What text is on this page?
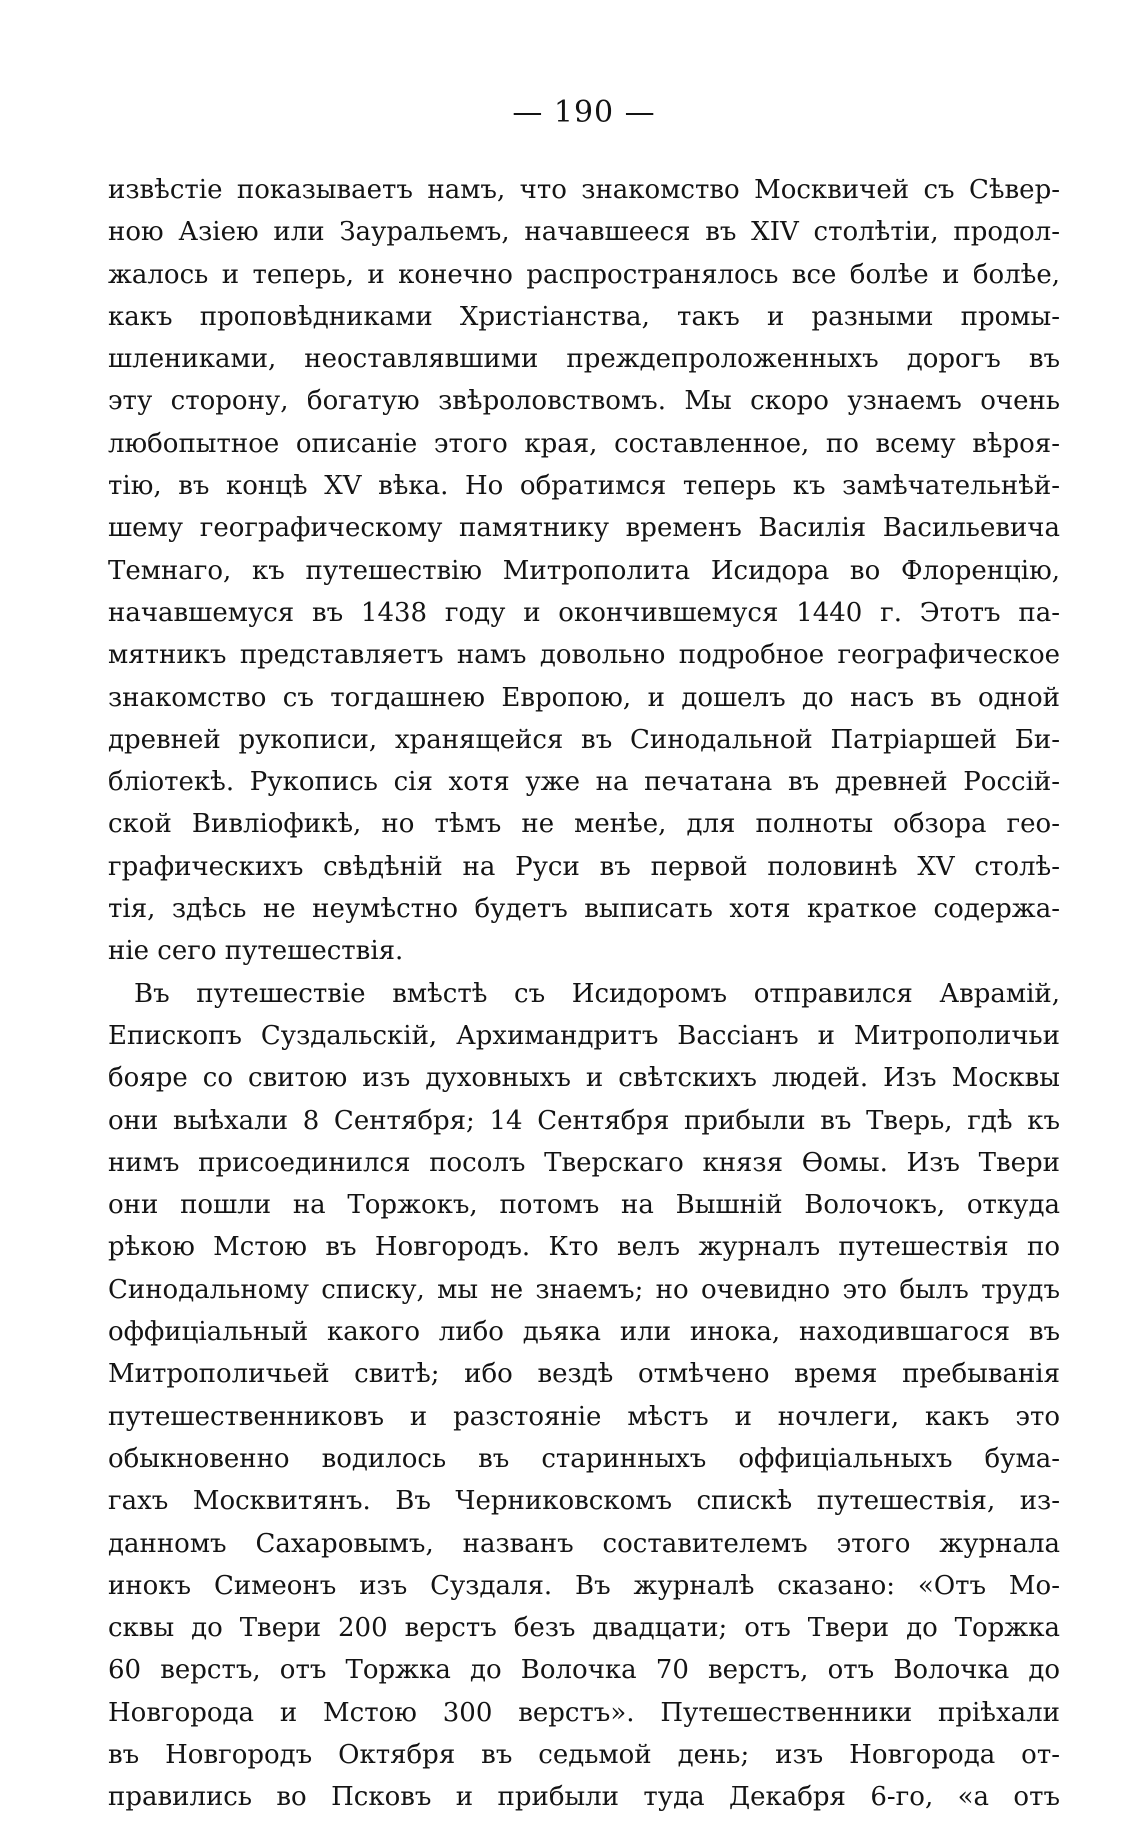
— 190 —
извѣстіе показываетъ намъ, что знакомство Москвичей съ Сѣвер-
ною Азіею или Зауральемъ, начавшееся въ XIV столѣтіи, продол-
жалось и теперь, и конечно распространялось все болѣе и болѣе,
какъ проповѣдниками Христіанства, такъ и разными промы-
шлениками, неоставлявшими преждепроложенныхъ дорогъ въ
эту сторону, богатую звѣроловствомъ. Мы скоро узнаемъ очень
любопытное описаніе этого края, составленное, по всему вѣроя-
тію, въ концѣ XV вѣка. Но обратимся теперь къ замѣчательнѣй-
шему географическому памятнику временъ Василія Васильевича
Темнаго, къ путешествію Митрополита Исидора во Флоренцію,
начавшемуся въ 1438 году и окончившемуся 1440 г. Этотъ па-
мятникъ представляетъ намъ довольно подробное географическое
знакомство съ тогдашнею Европою, и дошелъ до насъ въ одной
древней рукописи, хранящейся въ Синодальной Патріаршей Би-
бліотекѣ. Рукопись сія хотя уже на печатана въ древней Россій-
ской Вивліофикѣ, но тѣмъ не менѣе, для полноты обзора гео-
графическихъ свѣдѣній на Руси въ первой половинѣ XV столѣ-
тія, здѣсь не неумѣстно будетъ выписать хотя краткое содержа-
ніе сего путешествія.
Въ путешествіе вмѣстѣ съ Исидоромъ отправился Аврамій,
Епископъ Суздальскій, Архимандритъ Вассіанъ и Митрополичьи
бояре со свитою изъ духовныхъ и свѣтскихъ людей. Изъ Москвы
они выѣхали 8 Сентября; 14 Сентября прибыли въ Тверь, гдѣ къ
нимъ присоединился посолъ Тверскаго князя Ѳомы. Изъ Твери
они пошли на Торжокъ, потомъ на Вышній Волочокъ, откуда
рѣкою Мстою въ Новгородъ. Кто велъ журналъ путешествія по
Синодальному списку, мы не знаемъ; но очевидно это былъ трудъ
оффиціальный какого либо дьяка или инока, находившагося въ
Митрополичьей свитѣ; ибо вездѣ отмѣчено время пребыванія
путешественниковъ и разстояніе мѣстъ и ночлеги, какъ это
обыкновенно водилось въ старинныхъ оффиціальныхъ бума-
гахъ Москвитянъ. Въ Черниковскомъ спискѣ путешествія, из-
данномъ Сахаровымъ, названъ составителемъ этого журнала
инокъ Симеонъ изъ Суздаля. Въ журналѣ сказано: «Отъ Мо-
сквы до Твери 200 верстъ безъ двадцати; отъ Твери до Торжка
60 верстъ, отъ Торжка до Волочка 70 верстъ, отъ Волочка до
Новгорода и Мстою 300 верстъ». Путешественники пріѣхали
въ Новгородъ Октября въ седьмой день; изъ Новгорода от-
правились во Псковъ и прибыли туда Декабря 6-го, «а отъ
